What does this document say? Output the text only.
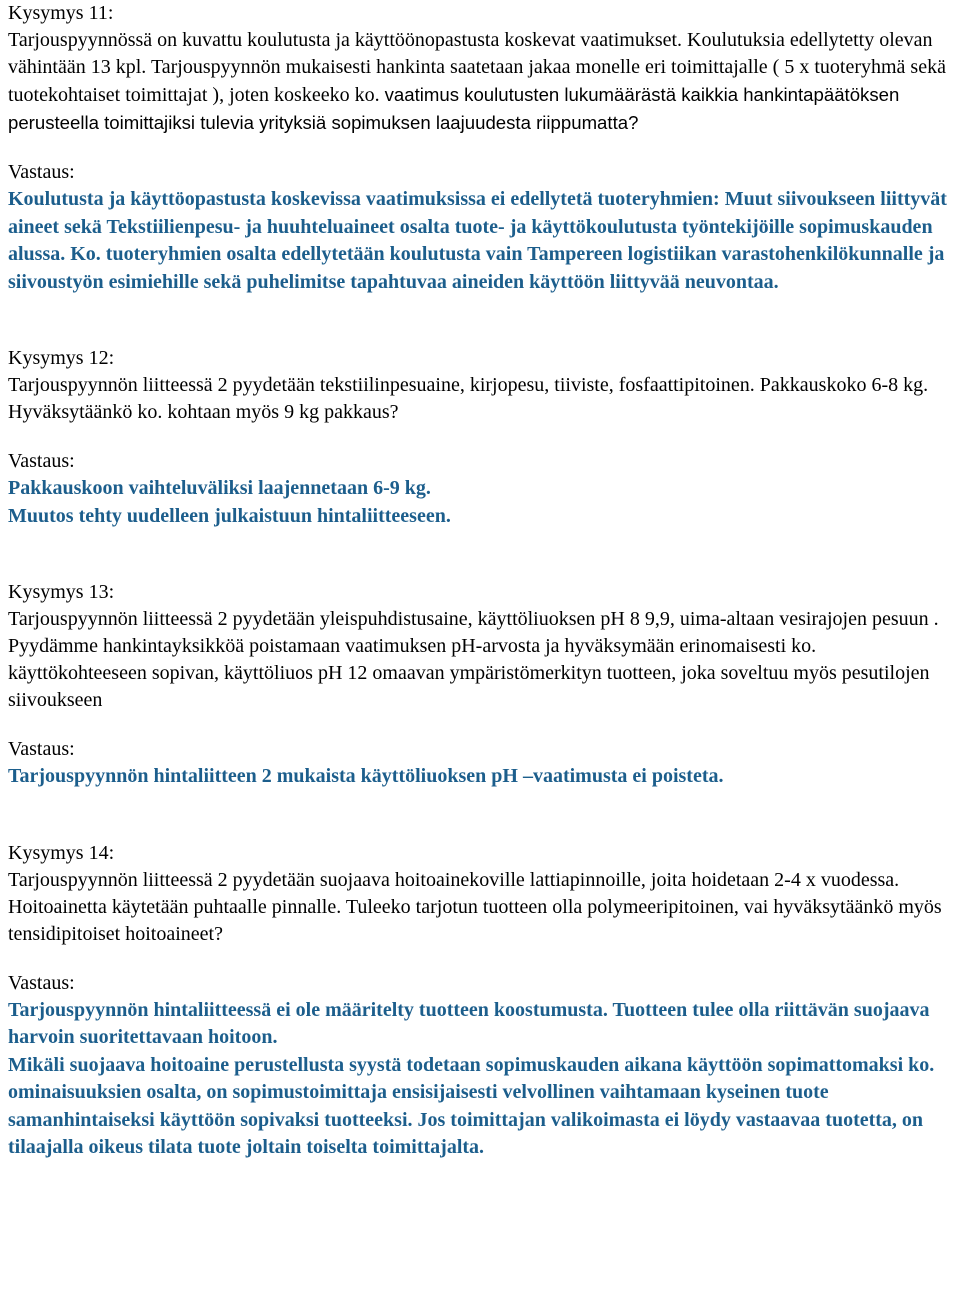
Kysymys 11:

Tarjouspyynnössä on kuvattu koulutusta ja käyttöönopastusta koskevat vaatimukset. Koulutuksia edellytetty olevan vähintään 13 kpl. Tarjouspyynnön mukaisesti hankinta saatetaan jakaa monelle eri toimittajalle ( 5 x tuoteryhmä sekä tuotekohtaiset toimittajat ), joten koskeeko ko. vaatimus koulutusten lukumäärästä kaikkia hankintapäätöksen perusteella toimittajiksi tulevia yrityksiä sopimuksen laajuudesta riippumatta?

Vastaus:

Koulutusta ja käyttöopastusta koskevissa vaatimuksissa ei edellytetä tuoteryhmien: Muut siivoukseen liittyvät aineet sekä Tekstiilienpesu- ja huuhteluaineet osalta tuote- ja käyttökoulutusta työntekijöille sopimuskauden alussa. Ko. tuoteryhmien osalta edellytetään koulutusta vain Tampereen logistiikan varastohenkilökunnalle ja siivoustyön esimiehille sekä puhelimitse tapahtuvaa aineiden käyttöön liittyvää neuvontaa.

Kysymys 12:

Tarjouspyynnön liitteessä 2 pyydetään tekstiilinpesuaine, kirjopesu, tiiviste, fosfaattipitoinen. Pakkauskoko 6-8 kg. Hyväksytäänkö ko. kohtaan myös 9 kg pakkaus?

Vastaus:

Pakkauskoon vaihteluväliksi laajennetaan 6-9 kg.

Muutos tehty uudelleen julkaistuun hintaliitteeseen.

Kysymys 13:

Tarjouspyynnön liitteessä 2 pyydetään yleispuhdistusaine, käyttöliuoksen pH 8 9,9, uima-altaan vesirajojen pesuun . Pyydämme hankintayksikköä poistamaan vaatimuksen pH-arvosta ja hyväksymään erinomaisesti ko. käyttökohteeseen sopivan, käyttöliuos pH 12 omaavan ympäristömerkityn tuotteen, joka soveltuu myös pesutilojen siivoukseen

Vastaus:

Tarjouspyynnön hintaliitteen 2 mukaista käyttöliuoksen pH –vaatimusta ei poisteta.

Kysymys 14:

Tarjouspyynnön liitteessä 2 pyydetään suojaava hoitoainekoville lattiapinnoille, joita hoidetaan 2-4 x vuodessa. Hoitoainetta käytetään puhtaalle pinnalle. Tuleeko tarjotun tuotteen olla polymeeripitoinen, vai hyväksytäänkö myös tensidipitoiset hoitoaineet?

Vastaus:

Tarjouspyynnön hintaliitteessä ei ole määritelty tuotteen koostumusta. Tuotteen tulee olla riittävän suojaava harvoin suoritettavaan hoitoon.

Mikäli suojaava hoitoaine perustellusta syystä todetaan sopimuskauden aikana käyttöön sopimattomaksi ko. ominaisuuksien osalta, on sopimustoimittaja ensisijaisesti velvollinen vaihtamaan kyseinen tuote samanhintaiseksi käyttöön sopivaksi tuotteeksi. Jos toimittajan valikoimasta ei löydy vastaavaa tuotetta, on tilaajalla oikeus tilata tuote joltain toiselta toimittajalta.
